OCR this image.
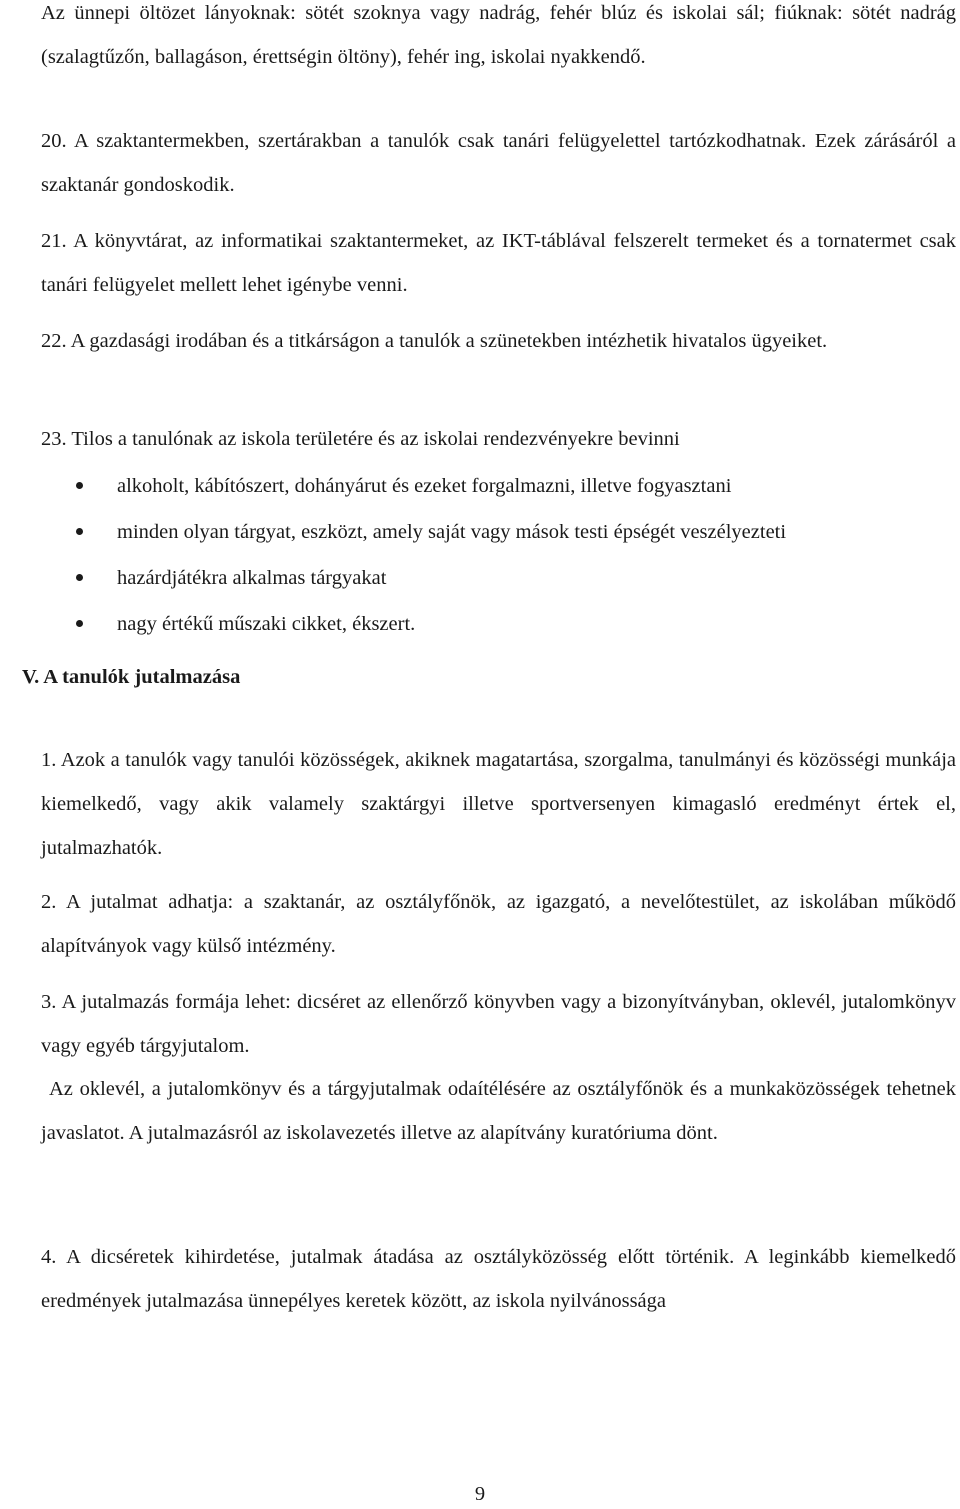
Az ünnepi öltözet lányoknak: sötét szoknya vagy nadrág, fehér blúz és iskolai sál; fiúknak: sötét nadrág (szalagtűzőn, ballagáson, érettségin öltöny), fehér ing, iskolai nyakkendő.

20. A szaktantermekben, szertárakban a tanulók csak tanári felügyelettel tartózkodhatnak. Ezek zárásáról a szaktanár gondoskodik.

21. A könyvtárat, az informatikai szaktantermeket, az IKT-táblával felszerelt termeket és a tornatermet csak tanári felügyelet mellett lehet igénybe venni.

22. A gazdasági irodában és a titkárságon a tanulók a szünetekben intézhetik hivatalos ügyeiket.

23. Tilos a tanulónak az iskola területére és az iskolai rendezvényekre bevinni

alkoholt, kábítószert, dohányárut és ezeket forgalmazni, illetve fogyasztani
minden olyan tárgyat, eszközt, amely saját vagy mások testi épségét veszélyezteti
hazárdjátékra alkalmas tárgyakat
nagy értékű műszaki cikket, ékszert.
V. A tanulók jutalmazása

1. Azok a tanulók vagy tanulói közösségek, akiknek magatartása, szorgalma, tanulmányi és közösségi munkája kiemelkedő, vagy akik valamely szaktárgyi illetve sportversenyen kimagasló eredményt értek el, jutalmazhatók.

2. A jutalmat adhatja: a szaktanár, az osztályfőnök, az igazgató, a nevelőtestület, az iskolában működő alapítványok vagy külső intézmény.

3. A jutalmazás formája lehet: dicséret az ellenőrző könyvben vagy a bizonyítványban, oklevél, jutalomkönyv vagy egyéb tárgyjutalom.

Az oklevél, a jutalomkönyv és a tárgyjutalmak odaítélésére az osztályfőnök és a munkaközösségek tehetnek javaslatot. A jutalmazásról az iskolavezetés illetve az alapítvány kuratóriuma dönt.

4. A dicséretek kihirdetése, jutalmak átadása az osztályközösség előtt történik. A leginkább kiemelkedő eredmények jutalmazása ünnepélyes keretek között, az iskola nyilvánossága

9
